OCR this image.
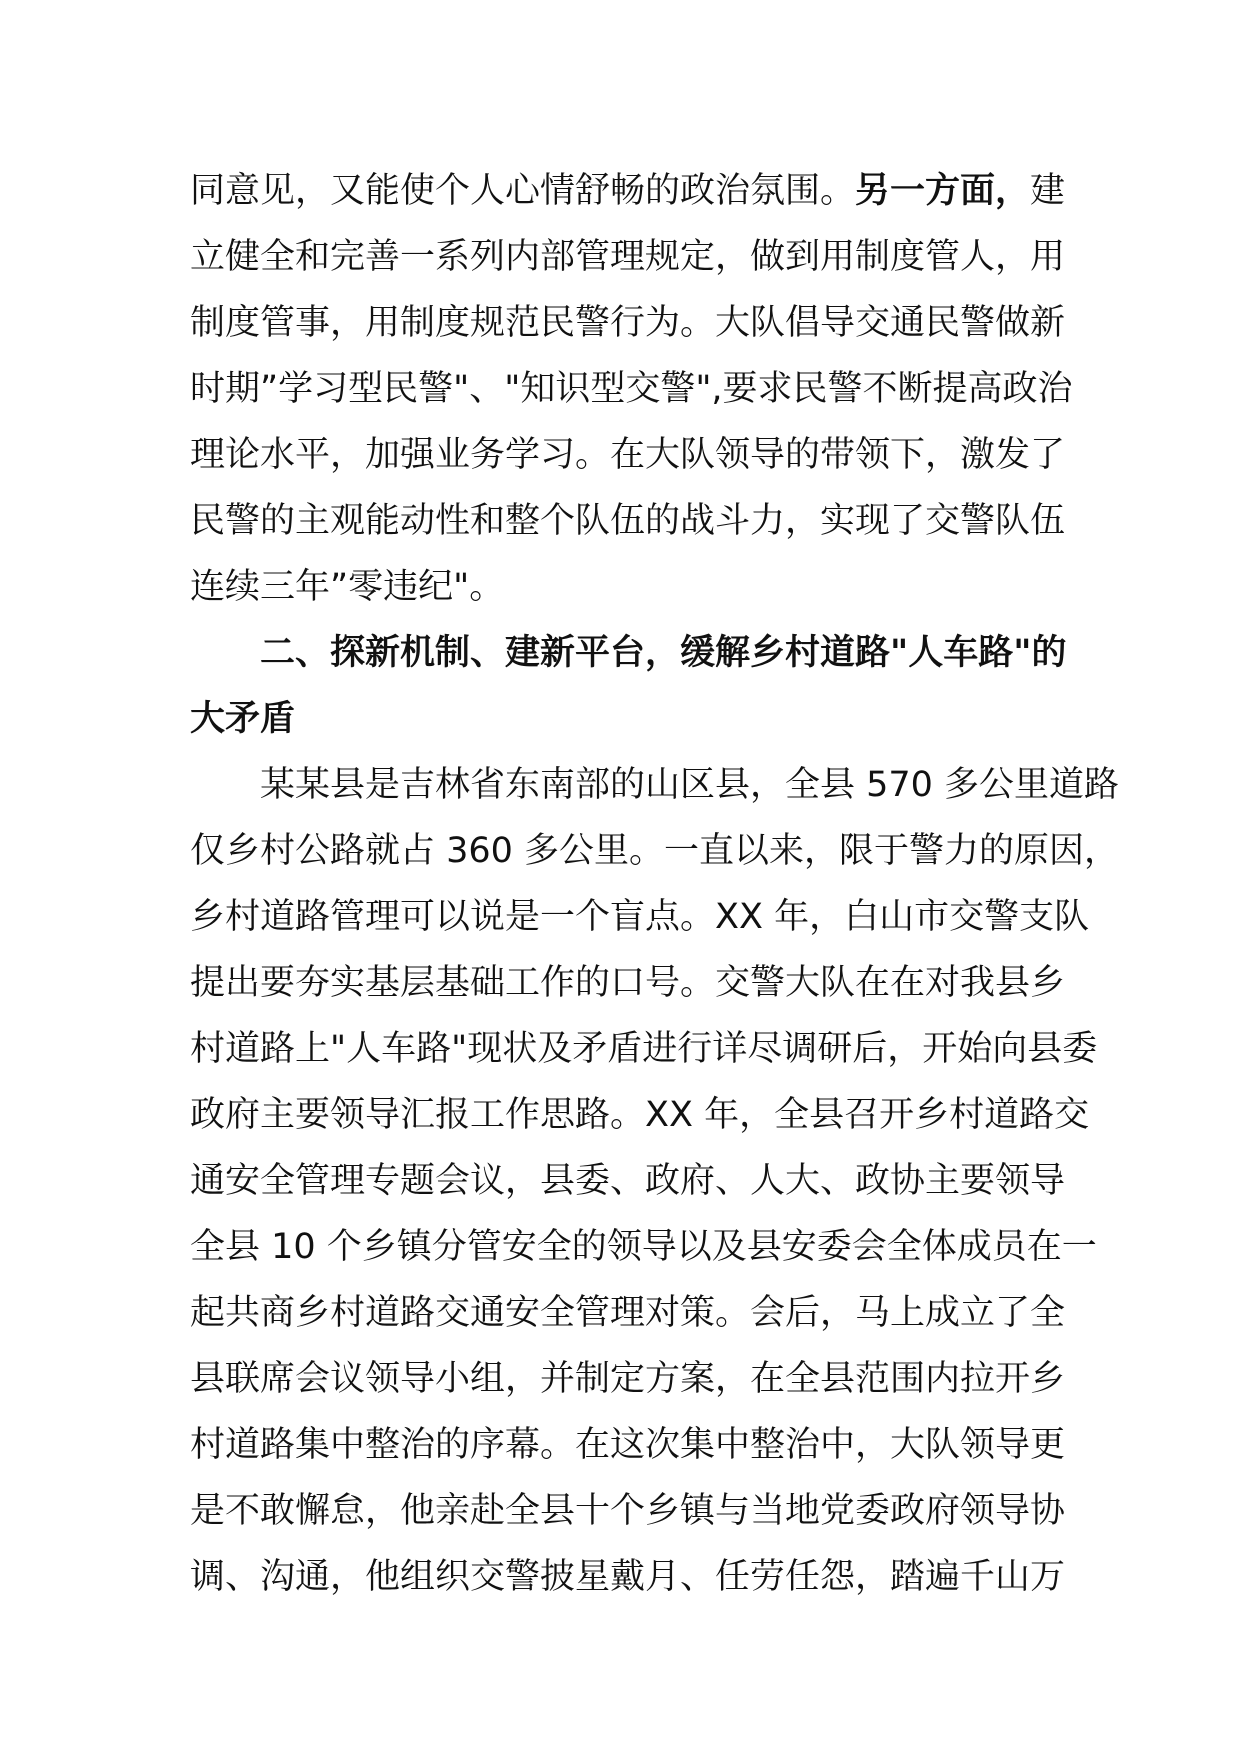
同意见，又能使个人心情舒畅的政治氛围。另一方面，建
立健全和完善一系列内部管理规定，做到用制度管人，用
制度管事，用制度规范民警行为。大队倡导交通民警做新
时期”学习型民警"、"知识型交警",要求民警不断提高政治
理论水平，加强业务学习。在大队领导的带领下，激发了
民警的主观能动性和整个队伍的战斗力，实现了交警队伍
连续三年”零违纪"。
二、探新机制、建新平台，缓解乡村道路"人车路"的
大矛盾
某某县是吉林省东南部的山区县，全县 570 多公里道路
仅乡村公路就占 360 多公里。一直以来，限于警力的原因，
乡村道路管理可以说是一个盲点。XX 年，白山市交警支队
提出要夯实基层基础工作的口号。交警大队在在对我县乡
村道路上"人车路"现状及矛盾进行详尽调研后，开始向县委
政府主要领导汇报工作思路。XX 年，全县召开乡村道路交
通安全管理专题会议，县委、政府、人大、政协主要领导
全县 10 个乡镇分管安全的领导以及县安委会全体成员在一
起共商乡村道路交通安全管理对策。会后，马上成立了全
县联席会议领导小组，并制定方案，在全县范围内拉开乡
村道路集中整治的序幕。在这次集中整治中，大队领导更
是不敢懈怠，他亲赴全县十个乡镇与当地党委政府领导协
调、沟通，他组织交警披星戴月、任劳任怨，踏遍千山万
